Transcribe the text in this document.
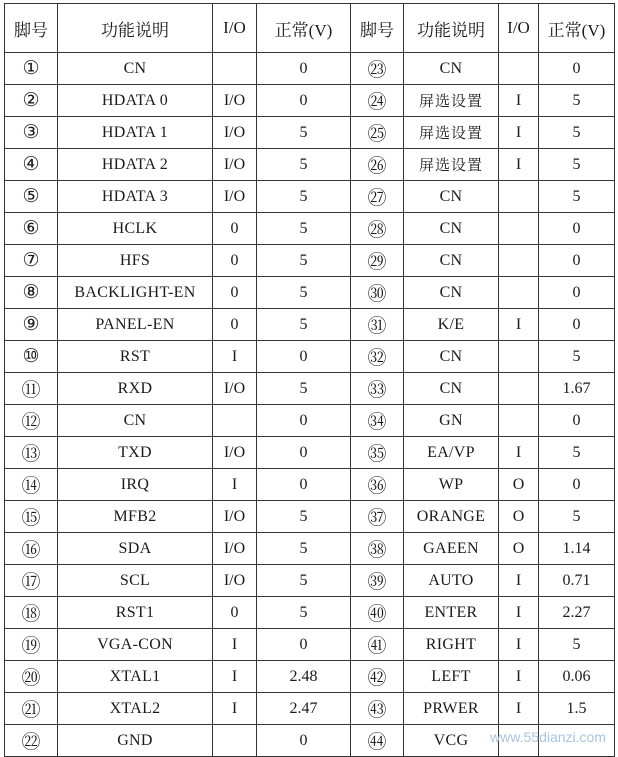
脚号	功能说明	I/O	正常(V)	脚号	功能说明	I/O	正常(V)
①	CN		0	㉓	CN		0
②	HDATA 0	I/O	0	㉔	屏选设置	I	5
③	HDATA 1	I/O	5	㉕	屏选设置	I	5
④	HDATA 2	I/O	5	㉖	屏选设置	I	5
⑤	HDATA 3	I/O	5	㉗	CN		5
⑥	HCLK	0	5	㉘	CN		0
⑦	HFS	0	5	㉙	CN		0
⑧	BACKLIGHT-EN	0	5	㉚	CN		0
⑨	PANEL-EN	0	5	㉛	K/E	I	0
⑩	RST	I	0	㉜	CN		5
⑪	RXD	I/O	5	㉝	CN		1.67
⑫	CN		0	㉞	GN		0
⑬	TXD	I/O	0	㉟	EA/VP	I	5
⑭	IRQ	I	0	㊱	WP	O	0
⑮	MFB2	I/O	5	㊲	ORANGE	O	5
⑯	SDA	I/O	5	㊳	GAEEN	O	1.14
⑰	SCL	I/O	5	㊴	AUTO	I	0.71
⑱	RST1	0	5	㊵	ENTER	I	2.27
⑲	VGA-CON	I	0	㊶	RIGHT	I	5
⑳	XTAL1	I	2.48	㊷	LEFT	I	0.06
㉑	XTAL2	I	2.47	㊸	PRWER	I	1.5
㉒	GND		0	㊹	VCG		www.55dianzi.com
